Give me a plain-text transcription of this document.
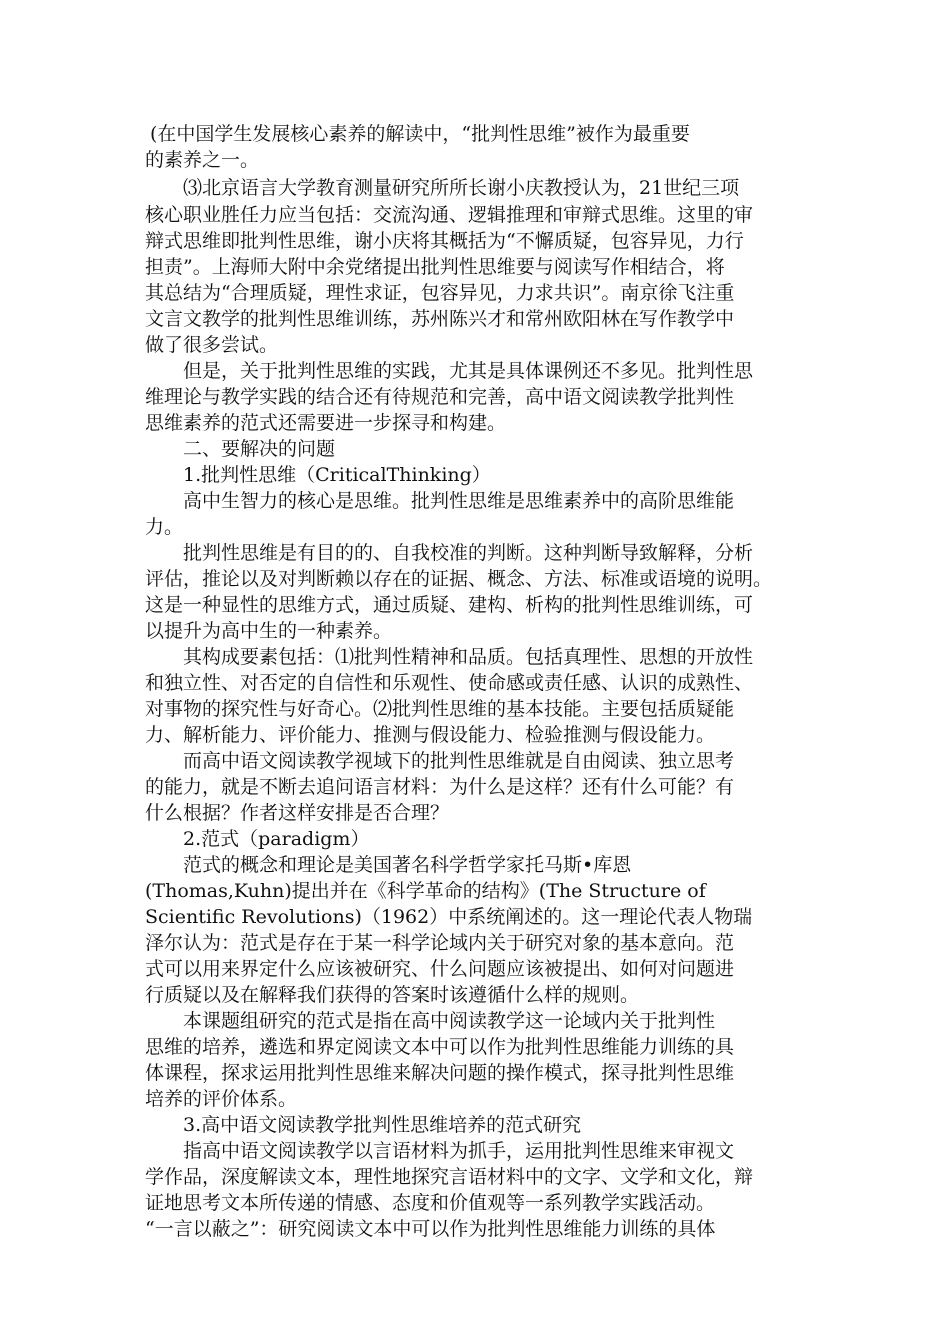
(在中国学生发展核心素养的解读中，“批判性思维”被作为最重要
的素养之一。
⑶北京语言大学教育测量研究所所长谢小庆教授认为，21世纪三项
核心职业胜任力应当包括：交流沟通、逻辑推理和审辩式思维。这里的审
辩式思维即批判性思维，谢小庆将其概括为“不懈质疑，包容异见，力行
担责”。上海师大附中余党绪提出批判性思维要与阅读写作相结合，将
其总结为“合理质疑，理性求证，包容异见，力求共识”。南京徐飞注重
文言文教学的批判性思维训练，苏州陈兴才和常州欧阳林在写作教学中
做了很多尝试。
但是，关于批判性思维的实践，尤其是具体课例还不多见。批判性思
维理论与教学实践的结合还有待规范和完善，高中语文阅读教学批判性
思维素养的范式还需要进一步探寻和构建。
二、要解决的问题
1.批判性思维（CriticalThinking）
高中生智力的核心是思维。批判性思维是思维素养中的高阶思维能
力。
批判性思维是有目的的、自我校准的判断。这种判断导致解释，分析
评估，推论以及对判断赖以存在的证据、概念、方法、标准或语境的说明。
这是一种显性的思维方式，通过质疑、建构、析构的批判性思维训练，可
以提升为高中生的一种素养。
其构成要素包括：⑴批判性精神和品质。包括真理性、思想的开放性
和独立性、对否定的自信性和乐观性、使命感或责任感、认识的成熟性、
对事物的探究性与好奇心。⑵批判性思维的基本技能。主要包括质疑能
力、解析能力、评价能力、推测与假设能力、检验推测与假设能力。
而高中语文阅读教学视域下的批判性思维就是自由阅读、独立思考
的能力，就是不断去追问语言材料：为什么是这样？还有什么可能？有
什么根据？作者这样安排是否合理？
2.范式（paradigm）
范式的概念和理论是美国著名科学哲学家托马斯•库恩
(Thomas,Kuhn)提出并在《科学革命的结构》(The Structure of
Scientific Revolutions)（1962）中系统阐述的。这一理论代表人物瑞
泽尔认为：范式是存在于某一科学论域内关于研究对象的基本意向。范
式可以用来界定什么应该被研究、什么问题应该被提出、如何对问题进
行质疑以及在解释我们获得的答案时该遵循什么样的规则。
本课题组研究的范式是指在高中阅读教学这一论域内关于批判性
思维的培养，遴选和界定阅读文本中可以作为批判性思维能力训练的具
体课程，探求运用批判性思维来解决问题的操作模式，探寻批判性思维
培养的评价体系。
3.高中语文阅读教学批判性思维培养的范式研究
指高中语文阅读教学以言语材料为抓手，运用批判性思维来审视文
学作品，深度解读文本，理性地探究言语材料中的文字、文学和文化，辩
证地思考文本所传递的情感、态度和价值观等一系列教学实践活动。
“一言以蔽之”：研究阅读文本中可以作为批判性思维能力训练的具体
